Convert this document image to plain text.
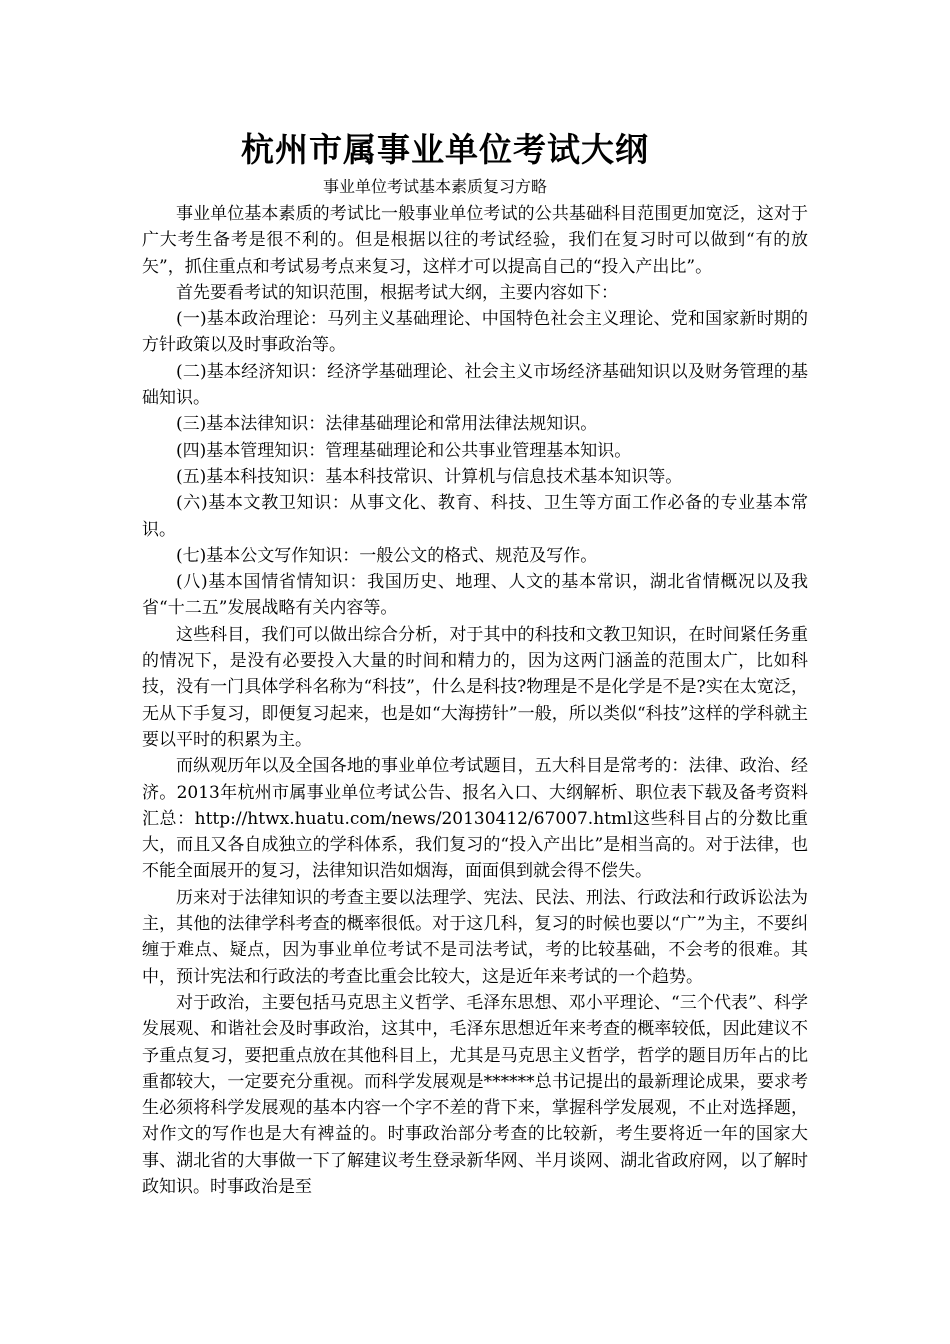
杭州市属事业单位考试大纲
事业单位考试基本素质复习方略

事业单位基本素质的考试比一般事业单位考试的公共基础科目范围更加宽泛，这对于广大考生备考是很不利的。但是根据以往的考试经验，我们在复习时可以做到“有的放矢”，抓住重点和考试易考点来复习，这样才可以提高自己的“投入产出比”。

首先要看考试的知识范围，根据考试大纲，主要内容如下：

(一)基本政治理论：马列主义基础理论、中国特色社会主义理论、党和国家新时期的方针政策以及时事政治等。

(二)基本经济知识：经济学基础理论、社会主义市场经济基础知识以及财务管理的基础知识。

(三)基本法律知识：法律基础理论和常用法律法规知识。

(四)基本管理知识：管理基础理论和公共事业管理基本知识。

(五)基本科技知识：基本科技常识、计算机与信息技术基本知识等。

(六)基本文教卫知识：从事文化、教育、科技、卫生等方面工作必备的专业基本常识。

(七)基本公文写作知识：一般公文的格式、规范及写作。

(八)基本国情省情知识：我国历史、地理、人文的基本常识，湖北省情概况以及我省“十二五”发展战略有关内容等。

这些科目，我们可以做出综合分析，对于其中的科技和文教卫知识，在时间紧任务重的情况下，是没有必要投入大量的时间和精力的，因为这两门涵盖的范围太广，比如科技，没有一门具体学科名称为“科技”，什么是科技?物理是不是化学是不是?实在太宽泛，无从下手复习，即便复习起来，也是如“大海捞针”一般，所以类似“科技”这样的学科就主要以平时的积累为主。

而纵观历年以及全国各地的事业单位考试题目，五大科目是常考的：法律、政治、经济。2013年杭州市属事业单位考试公告、报名入口、大纲解析、职位表下载及备考资料汇总：http://htwx.huatu.com/news/20130412/67007.html这些科目占的分数比重大，而且又各自成独立的学科体系，我们复习的“投入产出比”是相当高的。对于法律，也不能全面展开的复习，法律知识浩如烟海，面面俱到就会得不偿失。

历来对于法律知识的考查主要以法理学、宪法、民法、刑法、行政法和行政诉讼法为主，其他的法律学科考查的概率很低。对于这几科，复习的时候也要以“广”为主，不要纠缠于难点、疑点，因为事业单位考试不是司法考试，考的比较基础，不会考的很难。其中，预计宪法和行政法的考查比重会比较大，这是近年来考试的一个趋势。

对于政治，主要包括马克思主义哲学、毛泽东思想、邓小平理论、“三个代表”、科学发展观、和谐社会及时事政治，这其中，毛泽东思想近年来考查的概率较低，因此建议不予重点复习，要把重点放在其他科目上，尤其是马克思主义哲学，哲学的题目历年占的比重都较大，一定要充分重视。而科学发展观是******总书记提出的最新理论成果，要求考生必须将科学发展观的基本内容一个字不差的背下来，掌握科学发展观，不止对选择题，对作文的写作也是大有裨益的。时事政治部分考查的比较新，考生要将近一年的国家大事、湖北省的大事做一下了解建议考生登录新华网、半月谈网、湖北省政府网，以了解时政知识。时事政治是至
